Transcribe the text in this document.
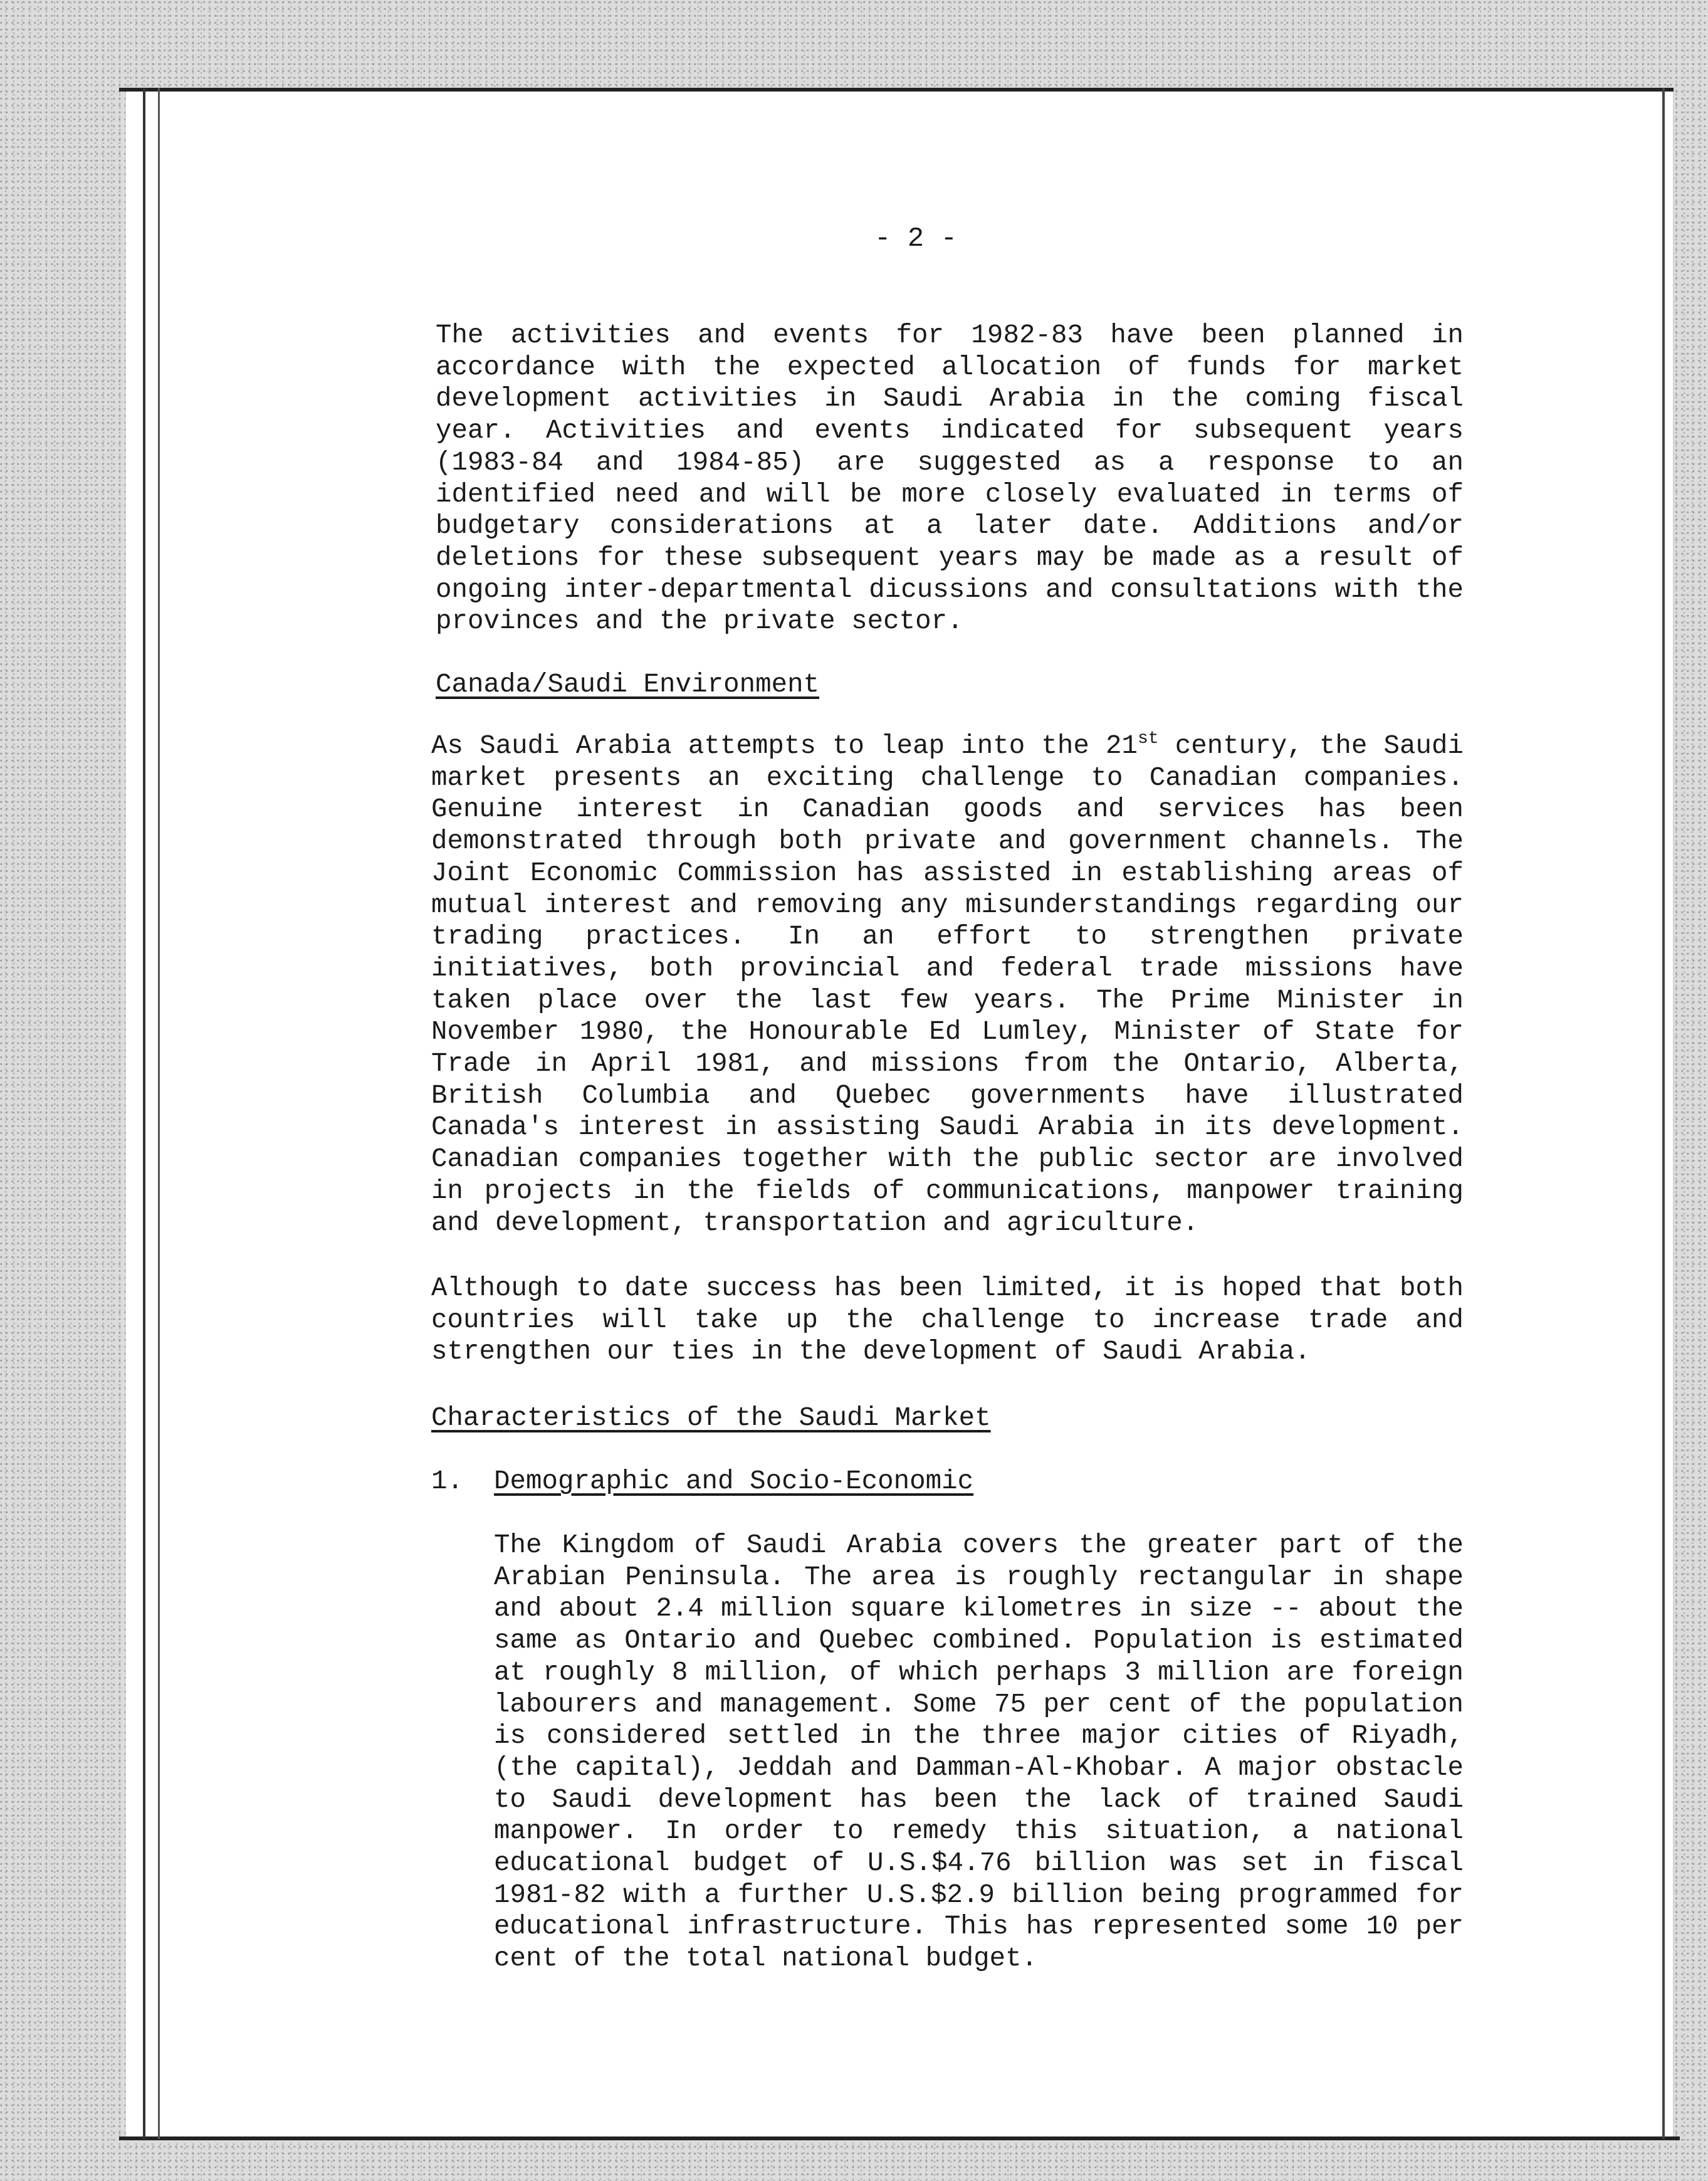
- 2 -

The activities and events for 1982-83 have been planned in accordance with the expected allocation of funds for market development activities in Saudi Arabia in the coming fiscal year. Activities and events indicated for subsequent years (1983-84 and 1984-85) are suggested as a response to an identified need and will be more closely evaluated in terms of budgetary considerations at a later date. Additions and/or deletions for these subsequent years may be made as a result of ongoing inter-departmental dicussions and consultations with the provinces and the private sector.

Canada/Saudi Environment

As Saudi Arabia attempts to leap into the 21st century, the Saudi market presents an exciting challenge to Canadian companies. Genuine interest in Canadian goods and services has been demonstrated through both private and government channels. The Joint Economic Commission has assisted in establishing areas of mutual interest and removing any misunderstandings regarding our trading practices. In an effort to strengthen private initiatives, both provincial and federal trade missions have taken place over the last few years. The Prime Minister in November 1980, the Honourable Ed Lumley, Minister of State for Trade in April 1981, and missions from the Ontario, Alberta, British Columbia and Quebec governments have illustrated Canada's interest in assisting Saudi Arabia in its development. Canadian companies together with the public sector are involved in projects in the fields of communications, manpower training and development, transportation and agriculture.

Although to date success has been limited, it is hoped that both countries will take up the challenge to increase trade and strengthen our ties in the development of Saudi Arabia.

Characteristics of the Saudi Market
1. Demographic and Socio-Economic

The Kingdom of Saudi Arabia covers the greater part of the Arabian Peninsula. The area is roughly rectangular in shape and about 2.4 million square kilometres in size -- about the same as Ontario and Quebec combined. Population is estimated at roughly 8 million, of which perhaps 3 million are foreign labourers and management. Some 75 per cent of the population is considered settled in the three major cities of Riyadh, (the capital), Jeddah and Damman-Al-Khobar. A major obstacle to Saudi development has been the lack of trained Saudi manpower. In order to remedy this situation, a national educational budget of U.S.$4.76 billion was set in fiscal 1981-82 with a further U.S.$2.9 billion being programmed for educational infrastructure. This has represented some 10 per cent of the total national budget.
